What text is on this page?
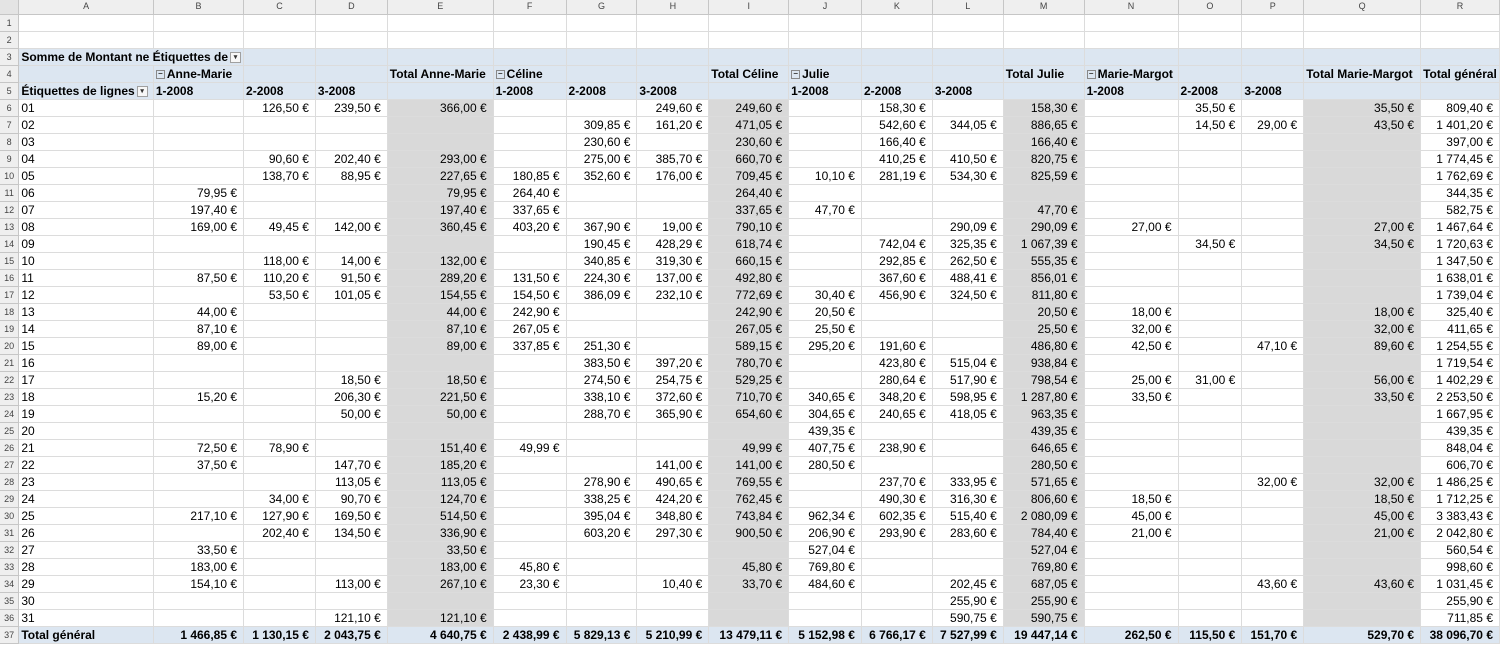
	A	B	C	D	E	F	G	H	I	J	K	L	M	N	O	P	Q	R
1																		
2																		
3	Somme de Montant ne Étiquettes de ▾																	
4		− Anne-Marie			Total Anne-Marie	− Céline			Total Céline	− Julie			Total Julie	− Marie-Margot			Total Marie-Margot	Total général
5	Étiquettes de lignes ▾	1-2008	2-2008	3-2008		1-2008	2-2008	3-2008		1-2008	2-2008	3-2008		1-2008	2-2008	3-2008		
6	01		126,50 €	239,50 €	366,00 €			249,60 €	249,60 €		158,30 €		158,30 €		35,50 €		35,50 €	809,40 €
7	02						309,85 €	161,20 €	471,05 €		542,60 €	344,05 €	886,65 €		14,50 €	29,00 €	43,50 €	1 401,20 €
8	03						230,60 €		230,60 €		166,40 €		166,40 €					397,00 €
9	04		90,60 €	202,40 €	293,00 €		275,00 €	385,70 €	660,70 €		410,25 €	410,50 €	820,75 €					1 774,45 €
10	05		138,70 €	88,95 €	227,65 €	180,85 €	352,60 €	176,00 €	709,45 €	10,10 €	281,19 €	534,30 €	825,59 €					1 762,69 €
11	06	79,95 €			79,95 €	264,40 €			264,40 €									344,35 €
12	07	197,40 €			197,40 €	337,65 €			337,65 €	47,70 €			47,70 €					582,75 €
13	08	169,00 €	49,45 €	142,00 €	360,45 €	403,20 €	367,90 €	19,00 €	790,10 €			290,09 €	290,09 €	27,00 €			27,00 €	1 467,64 €
14	09						190,45 €	428,29 €	618,74 €		742,04 €	325,35 €	1 067,39 €		34,50 €		34,50 €	1 720,63 €
15	10		118,00 €	14,00 €	132,00 €		340,85 €	319,30 €	660,15 €		292,85 €	262,50 €	555,35 €					1 347,50 €
16	11	87,50 €	110,20 €	91,50 €	289,20 €	131,50 €	224,30 €	137,00 €	492,80 €		367,60 €	488,41 €	856,01 €					1 638,01 €
17	12		53,50 €	101,05 €	154,55 €	154,50 €	386,09 €	232,10 €	772,69 €	30,40 €	456,90 €	324,50 €	811,80 €					1 739,04 €
18	13	44,00 €			44,00 €	242,90 €			242,90 €	20,50 €			20,50 €	18,00 €			18,00 €	325,40 €
19	14	87,10 €			87,10 €	267,05 €			267,05 €	25,50 €			25,50 €	32,00 €			32,00 €	411,65 €
20	15	89,00 €			89,00 €	337,85 €	251,30 €		589,15 €	295,20 €	191,60 €		486,80 €	42,50 €		47,10 €	89,60 €	1 254,55 €
21	16						383,50 €	397,20 €	780,70 €		423,80 €	515,04 €	938,84 €					1 719,54 €
22	17			18,50 €	18,50 €		274,50 €	254,75 €	529,25 €		280,64 €	517,90 €	798,54 €	25,00 €	31,00 €		56,00 €	1 402,29 €
23	18	15,20 €		206,30 €	221,50 €		338,10 €	372,60 €	710,70 €	340,65 €	348,20 €	598,95 €	1 287,80 €	33,50 €			33,50 €	2 253,50 €
24	19			50,00 €	50,00 €		288,70 €	365,90 €	654,60 €	304,65 €	240,65 €	418,05 €	963,35 €					1 667,95 €
25	20									439,35 €			439,35 €					439,35 €
26	21	72,50 €	78,90 €		151,40 €	49,99 €			49,99 €	407,75 €	238,90 €		646,65 €					848,04 €
27	22	37,50 €		147,70 €	185,20 €			141,00 €	141,00 €	280,50 €			280,50 €					606,70 €
28	23			113,05 €	113,05 €		278,90 €	490,65 €	769,55 €		237,70 €	333,95 €	571,65 €			32,00 €	32,00 €	1 486,25 €
29	24		34,00 €	90,70 €	124,70 €		338,25 €	424,20 €	762,45 €		490,30 €	316,30 €	806,60 €	18,50 €			18,50 €	1 712,25 €
30	25	217,10 €	127,90 €	169,50 €	514,50 €		395,04 €	348,80 €	743,84 €	962,34 €	602,35 €	515,40 €	2 080,09 €	45,00 €			45,00 €	3 383,43 €
31	26		202,40 €	134,50 €	336,90 €		603,20 €	297,30 €	900,50 €	206,90 €	293,90 €	283,60 €	784,40 €	21,00 €			21,00 €	2 042,80 €
32	27	33,50 €			33,50 €					527,04 €			527,04 €					560,54 €
33	28	183,00 €			183,00 €	45,80 €			45,80 €	769,80 €			769,80 €					998,60 €
34	29	154,10 €		113,00 €	267,10 €	23,30 €		10,40 €	33,70 €	484,60 €		202,45 €	687,05 €			43,60 €	43,60 €	1 031,45 €
35	30											255,90 €	255,90 €					255,90 €
36	31			121,10 €	121,10 €							590,75 €	590,75 €					711,85 €
37	Total général	1 466,85 €	1 130,15 €	2 043,75 €	4 640,75 €	2 438,99 €	5 829,13 €	5 210,99 €	13 479,11 €	5 152,98 €	6 766,17 €	7 527,99 €	19 447,14 €	262,50 €	115,50 €	151,70 €	529,70 €	38 096,70 €
